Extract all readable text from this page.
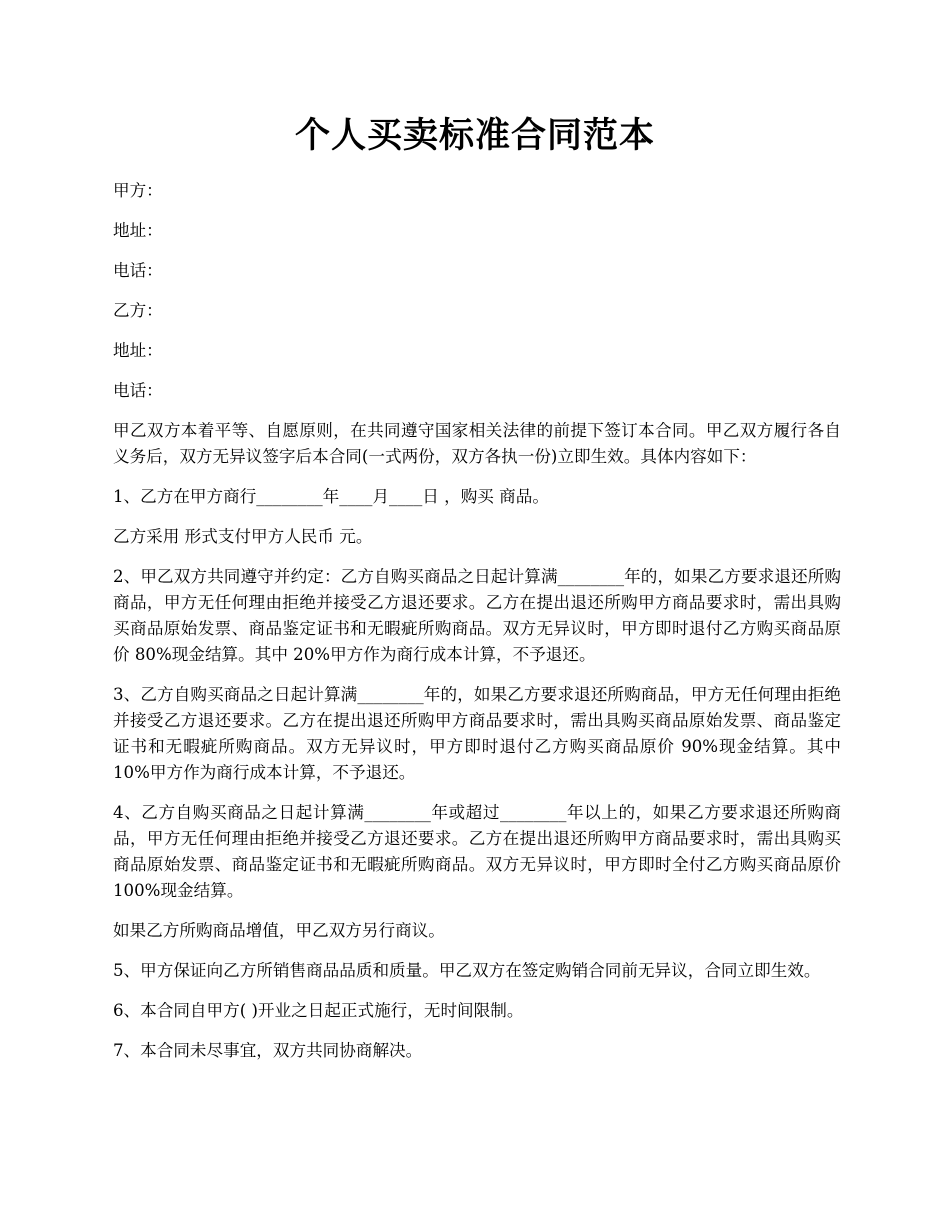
个人买卖标准合同范本

甲方：

地址：

电话：

乙方：

地址：

电话：

甲乙双方本着平等、自愿原则，在共同遵守国家相关法律的前提下签订本合同。甲乙双方履行各自义务后，双方无异议签字后本合同(一式两份，双方各执一份)立即生效。具体内容如下：

1、乙方在甲方商行________年____月____日 ，购买 商品。

乙方采用 形式支付甲方人民币 元。

2、甲乙双方共同遵守并约定：乙方自购买商品之日起计算满________年的，如果乙方要求退还所购商品，甲方无任何理由拒绝并接受乙方退还要求。乙方在提出退还所购甲方商品要求时，需出具购买商品原始发票、商品鉴定证书和无暇疵所购商品。双方无异议时，甲方即时退付乙方购买商品原价 80%现金结算。其中 20%甲方作为商行成本计算，不予退还。

3、乙方自购买商品之日起计算满________年的，如果乙方要求退还所购商品，甲方无任何理由拒绝并接受乙方退还要求。乙方在提出退还所购甲方商品要求时，需出具购买商品原始发票、商品鉴定证书和无暇疵所购商品。双方无异议时，甲方即时退付乙方购买商品原价 90%现金结算。其中 10%甲方作为商行成本计算，不予退还。

4、乙方自购买商品之日起计算满________年或超过________年以上的，如果乙方要求退还所购商品，甲方无任何理由拒绝并接受乙方退还要求。乙方在提出退还所购甲方商品要求时，需出具购买商品原始发票、商品鉴定证书和无暇疵所购商品。双方无异议时，甲方即时全付乙方购买商品原价 100%现金结算。

如果乙方所购商品增值，甲乙双方另行商议。

5、甲方保证向乙方所销售商品品质和质量。甲乙双方在签定购销合同前无异议，合同立即生效。

6、本合同自甲方( )开业之日起正式施行，无时间限制。

7、本合同未尽事宜，双方共同协商解决。
